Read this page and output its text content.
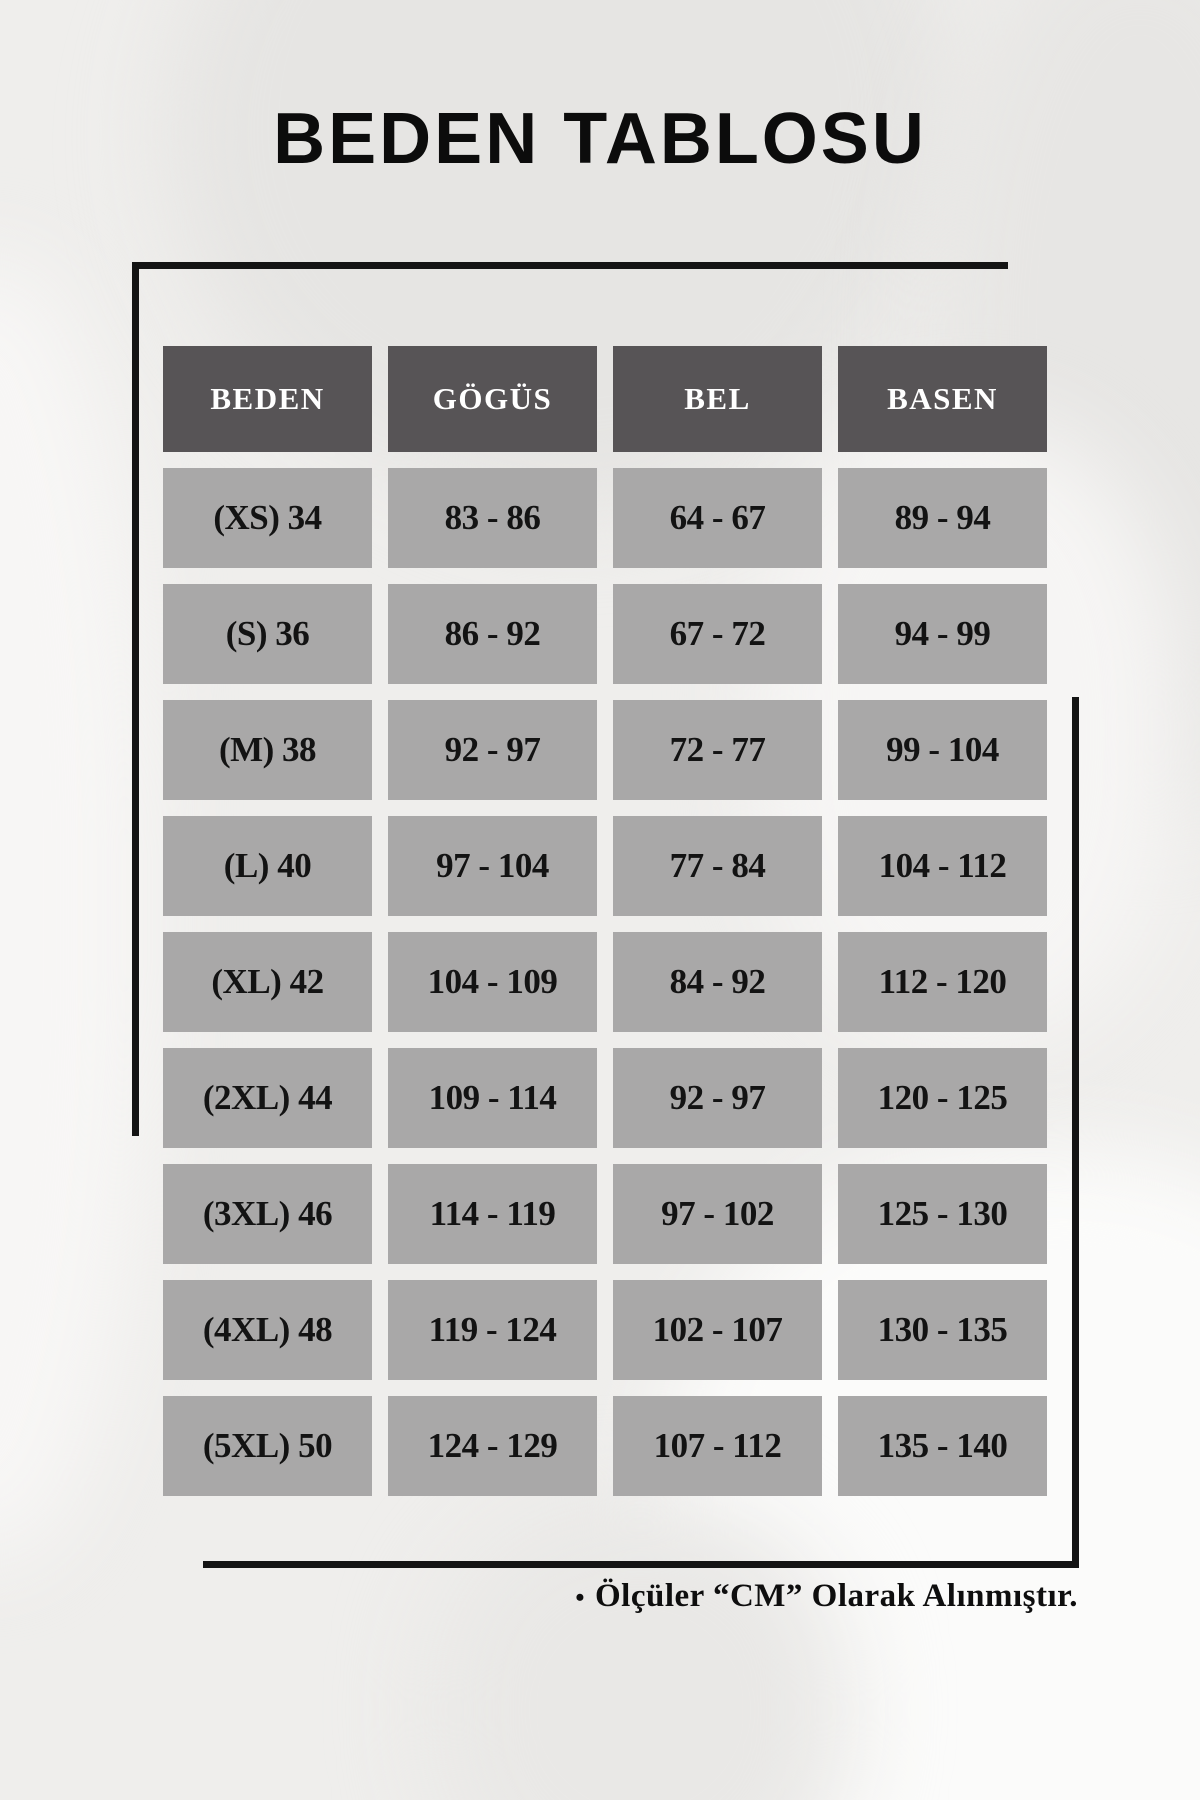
BEDEN TABLOSU
BEDEN	GÖGÜS	BEL	BASEN
(XS) 34	83 - 86	64 - 67	89 - 94
(S) 36	86 - 92	67 - 72	94 - 99
(M) 38	92 - 97	72 - 77	99 - 104
(L) 40	97 - 104	77 - 84	104 - 112
(XL) 42	104 - 109	84 - 92	112 - 120
(2XL) 44	109 - 114	92 - 97	120 - 125
(3XL) 46	114 - 119	97 - 102	125 - 130
(4XL) 48	119 - 124	102 - 107	130 - 135
(5XL) 50	124 - 129	107 - 112	135 - 140
• Ölçüler “CM” Olarak Alınmıştır.
